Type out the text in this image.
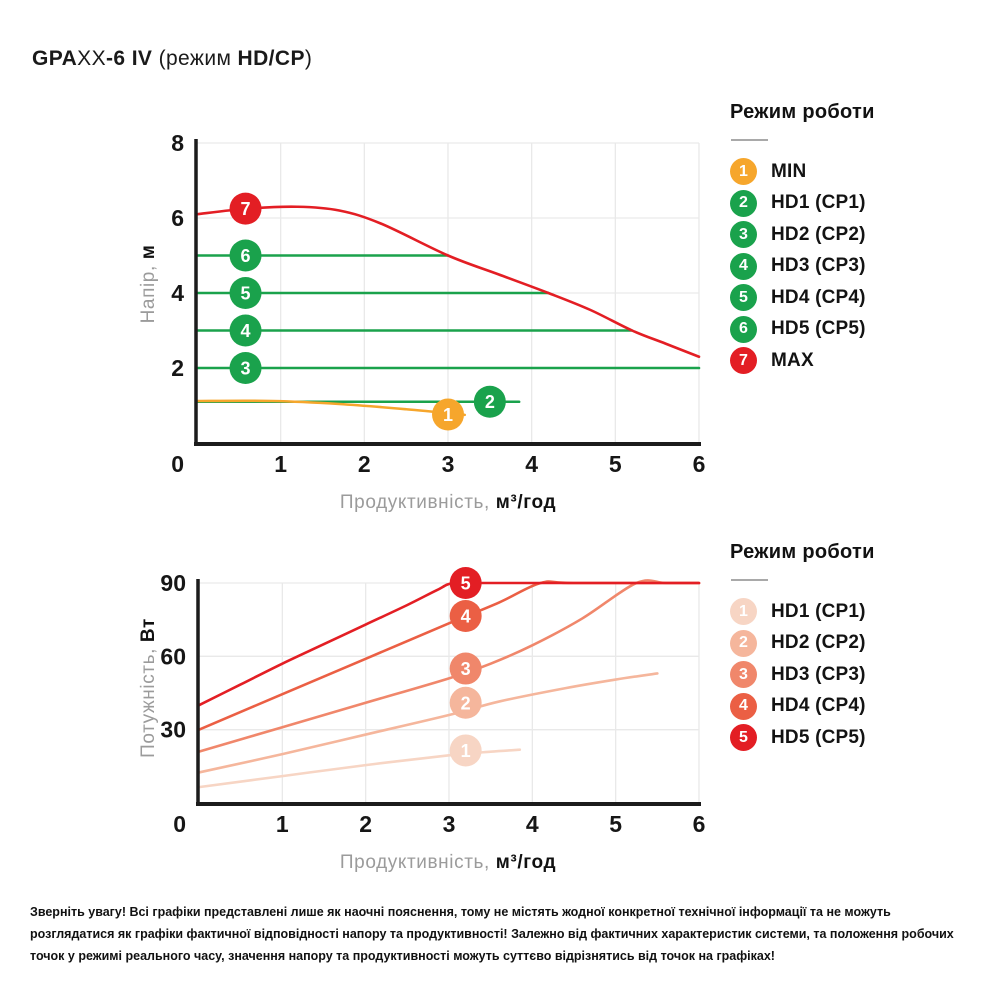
GPAXX-6 IV (режим HD/CP)
2
4
6
8
1	2	3	4	5	6
0
7
6
5
4
3
2
1
30
60
90
1	2	3	4	5	6
0
5
4
3
2
1
Напір, м
Потужність, Вт
Продуктивність, м³/год
Продуктивність, м³/год
Режим роботи
1	MIN
2	HD1 (CP1)
3	HD2 (CP2)
4	HD3 (CP3)
5	HD4 (CP4)
6	HD5 (CP5)
7	MAX
Режим роботи
1	HD1 (CP1)
2	HD2 (CP2)
3	HD3 (CP3)
4	HD4 (CP4)
5	HD5 (CP5)
Зверніть увагу! Всі графіки представлені лише як наочні пояснення, тому не містять жодної конкретної технічної інформації та не можуть розглядатися як графіки фактичної відповідності напору та продуктивності! Залежно від фактичних характеристик системи, та положення робочих точок у режимі реального часу, значення напору та продуктивності можуть суттєво відрізнятись від точок на графіках!
